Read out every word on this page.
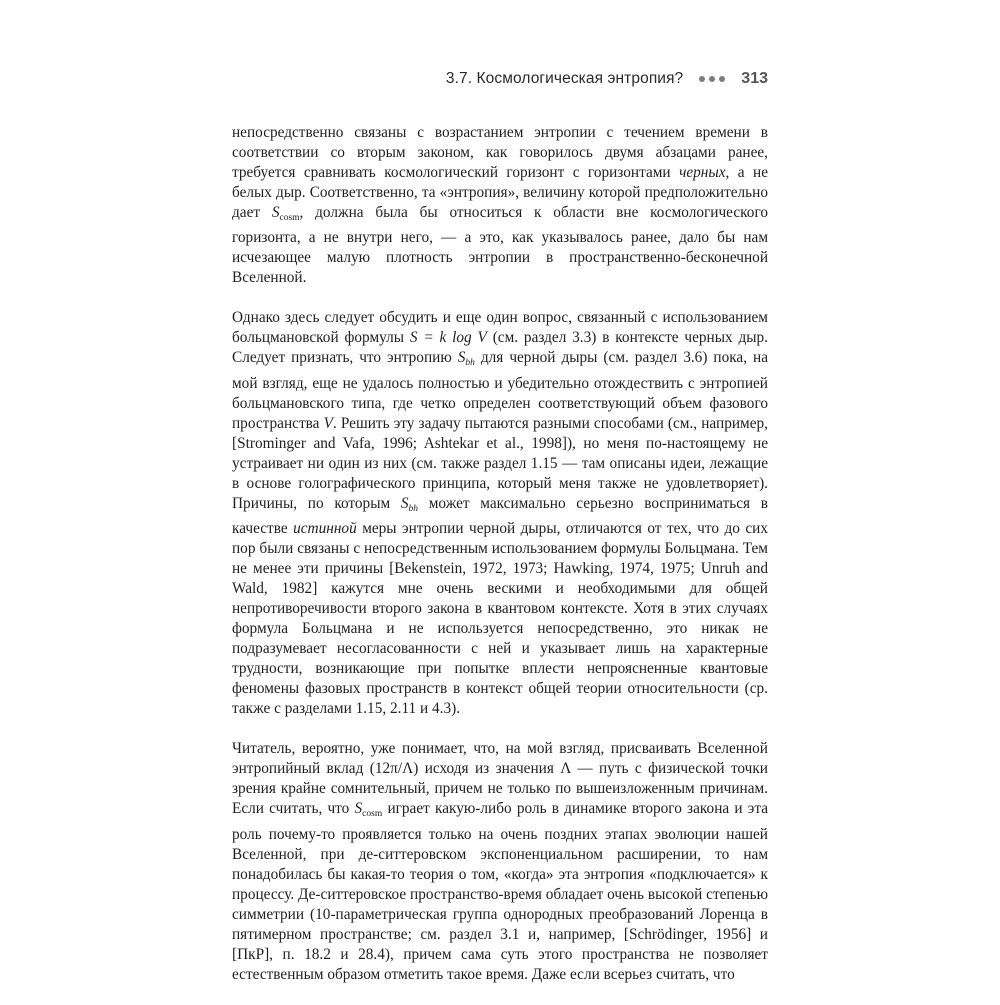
3.7. Космологическая энтропия?	313

непосредственно связаны с возрастанием энтропии с течением времени в соответствии со вторым законом, как говорилось двумя абзацами ранее, требуется сравнивать космологический горизонт с горизонтами черных, а не белых дыр. Соответственно, та «энтропия», величину которой предположительно дает $S_{cosm}$, должна была бы относиться к области вне космологического горизонта, а не внутри него, — а это, как указывалось ранее, дало бы нам исчезающее малую плотность энтропии в пространственно-бесконечной Вселенной.

Однако здесь следует обсудить и еще один вопрос, связанный с использованием больцмановской формулы S = k log V (см. раздел 3.3) в контексте черных дыр. Следует признать, что энтропию Sbh для черной дыры (см. раздел 3.6) пока, на мой взгляд, еще не удалось полностью и убедительно отождествить с энтропией больцмановского типа, где четко определен соответствующий объем фазового пространства V. Решить эту задачу пытаются разными способами (см., например, [Strominger and Vafa, 1996; Ashtekar et al., 1998]), но меня по-настоящему не устраивает ни один из них (см. также раздел 1.15 — там описаны идеи, лежащие в основе голографического принципа, который меня также не удовлетворяет). Причины, по которым Sbh может максимально серьезно восприниматься в качестве истинной меры энтропии черной дыры, отличаются от тех, что до сих пор были связаны с непосредственным использованием формулы Больцмана. Тем не менее эти причины [Bekenstein, 1972, 1973; Hawking, 1974, 1975; Unruh and Wald, 1982] кажутся мне очень вескими и необходимыми для общей непротиворечивости второго закона в квантовом контексте. Хотя в этих случаях формула Больцмана и не используется непосредственно, это никак не подразумевает несогласованности с ней и указывает лишь на характерные трудности, возникающие при попытке вплести непроясненные квантовые феномены фазовых пространств в контекст общей теории относительности (ср. также с разделами 1.15, 2.11 и 4.3).

Читатель, вероятно, уже понимает, что, на мой взгляд, присваивать Вселенной энтропийный вклад (12π/Λ) исходя из значения Λ — путь с физической точки зрения крайне сомнительный, причем не только по вышеизложенным причинам. Если считать, что $S_{cosm}$ играет какую-либо роль в динамике второго закона и эта роль почему-то проявляется только на очень поздних этапах эволюции нашей Вселенной, при де-ситтеровском экспоненциальном расширении, то нам понадобилась бы какая-то теория о том, «когда» эта энтропия «подключается» к процессу. Де-ситтеровское пространство-время обладает очень высокой степенью симметрии (10-параметрическая группа однородных преобразований Лоренца в пятимерном пространстве; см. раздел 3.1 и, например, [Schrödinger, 1956] и [ПкР], п. 18.2 и 28.4), причем сама суть этого пространства не позволяет естественным образом отметить такое время. Даже если всерьез считать, что
